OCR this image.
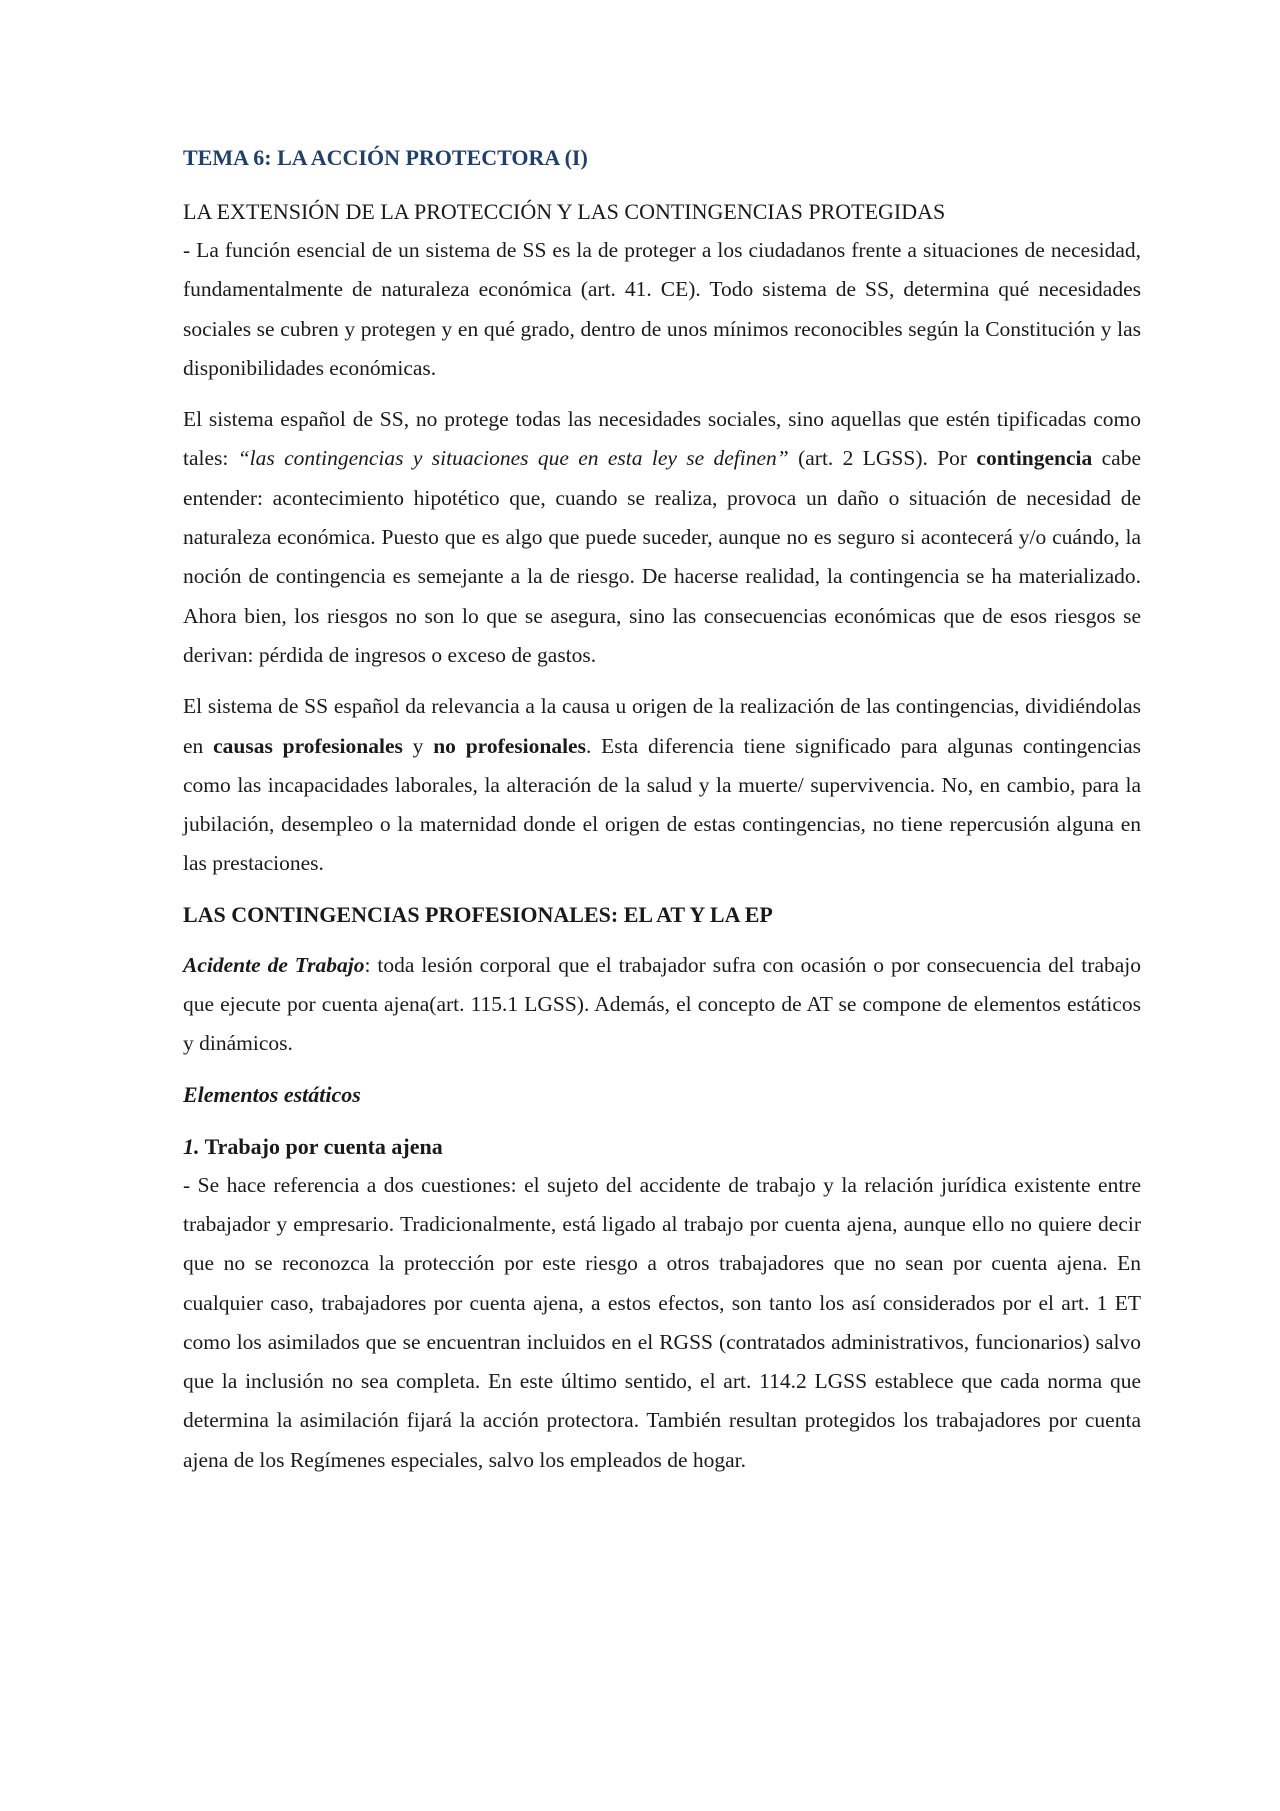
TEMA 6: LA ACCIÓN PROTECTORA (I)
LA EXTENSIÓN DE LA PROTECCIÓN Y LAS CONTINGENCIAS PROTEGIDAS

- La función esencial de un sistema de SS es la de proteger a los ciudadanos frente a situaciones de necesidad, fundamentalmente de naturaleza económica (art. 41. CE). Todo sistema de SS, determina qué necesidades sociales se cubren y protegen y en qué grado, dentro de unos mínimos reconocibles según la Constitución y las disponibilidades económicas.

El sistema español de SS, no protege todas las necesidades sociales, sino aquellas que estén tipificadas como tales: “las contingencias y situaciones que en esta ley se definen” (art. 2 LGSS). Por contingencia cabe entender: acontecimiento hipotético que, cuando se realiza, provoca un daño o situación de necesidad de naturaleza económica. Puesto que es algo que puede suceder, aunque no es seguro si acontecerá y/o cuándo, la noción de contingencia es semejante a la de riesgo. De hacerse realidad, la contingencia se ha materializado. Ahora bien, los riesgos no son lo que se asegura, sino las consecuencias económicas que de esos riesgos se derivan: pérdida de ingresos o exceso de gastos.

El sistema de SS español da relevancia a la causa u origen de la realización de las contingencias, dividiéndolas en causas profesionales y no profesionales. Esta diferencia tiene significado para algunas contingencias como las incapacidades laborales, la alteración de la salud y la muerte/ supervivencia. No, en cambio, para la jubilación, desempleo o la maternidad donde el origen de estas contingencias, no tiene repercusión alguna en las prestaciones.

LAS CONTINGENCIAS PROFESIONALES: EL AT Y LA EP

Acidente de Trabajo: toda lesión corporal que el trabajador sufra con ocasión o por consecuencia del trabajo que ejecute por cuenta ajena(art. 115.1 LGSS). Además, el concepto de AT se compone de elementos estáticos y dinámicos.

Elementos estáticos
1. Trabajo por cuenta ajena

- Se hace referencia a dos cuestiones: el sujeto del accidente de trabajo y la relación jurídica existente entre trabajador y empresario. Tradicionalmente, está ligado al trabajo por cuenta ajena, aunque ello no quiere decir que no se reconozca la protección por este riesgo a otros trabajadores que no sean por cuenta ajena. En cualquier caso, trabajadores por cuenta ajena, a estos efectos, son tanto los así considerados por el art. 1 ET como los asimilados que se encuentran incluidos en el RGSS (contratados administrativos, funcionarios) salvo que la inclusión no sea completa. En este último sentido, el art. 114.2 LGSS establece que cada norma que determina la asimilación fijará la acción protectora. También resultan protegidos los trabajadores por cuenta ajena de los Regímenes especiales, salvo los empleados de hogar.
